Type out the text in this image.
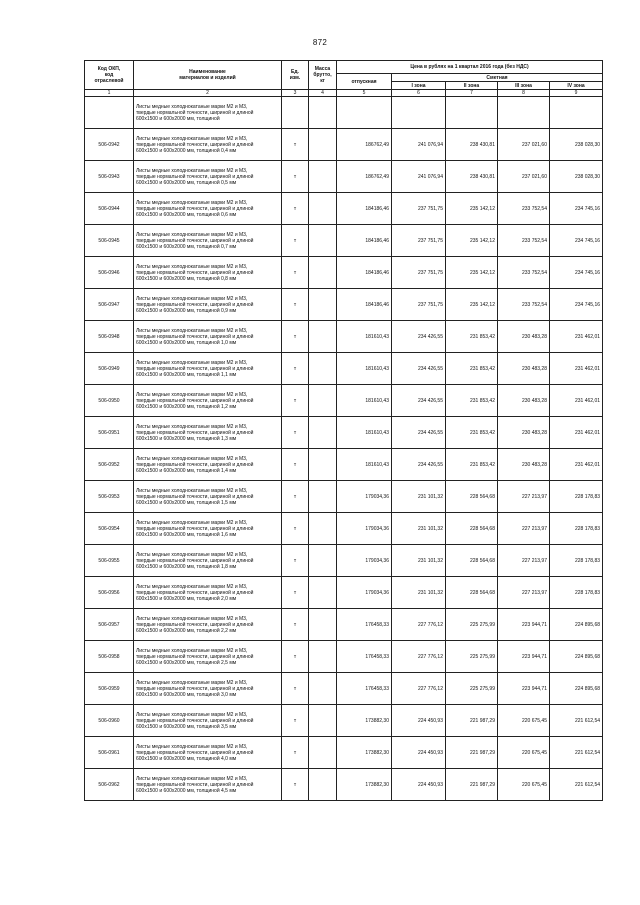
872
Код ОКП,
код
отраслевой	Наименование
материалов и изделий	Ед.
изм.	Масса
брутто,
кг	Цена в рублях на 1 квартал 2016 года (без НДС)				
				отпускная	Сметная			
					I зона	II зона	III зона	IV зона
1	2	3	4	5	6	7	8	9

	Листы медные холоднокатаные марки М2 и М3,
твердые нормальной точности, шириной и длиной
600x1500 и 600x2000 мм, толщиной							

506-0942	Листы медные холоднокатаные марки М2 и М3,
твердые нормальной точности, шириной и длиной
600x1500 и 600x2000 мм, толщиной 0,4 мм	т		186762,49	241 076,94	238 430,81	237 021,60	238 028,30
506-0943	Листы медные холоднокатаные марки М2 и М3,
твердые нормальной точности, шириной и длиной
600x1500 и 600x2000 мм, толщиной 0,5 мм	т		186762,49	241 076,94	238 430,81	237 021,60	238 028,30
506-0944	Листы медные холоднокатаные марки М2 и М3,
твердые нормальной точности, шириной и длиной
600x1500 и 600x2000 мм, толщиной 0,6 мм	т		184186,46	237 751,75	235 142,12	233 752,54	234 745,16
506-0945	Листы медные холоднокатаные марки М2 и М3,
твердые нормальной точности, шириной и длиной
600x1500 и 600x2000 мм, толщиной 0,7 мм	т		184186,46	237 751,75	235 142,12	233 752,54	234 745,16
506-0946	Листы медные холоднокатаные марки М2 и М3,
твердые нормальной точности, шириной и длиной
600x1500 и 600x2000 мм, толщиной 0,8 мм	т		184186,46	237 751,75	235 142,12	233 752,54	234 745,16
506-0947	Листы медные холоднокатаные марки М2 и М3,
твердые нормальной точности, шириной и длиной
600x1500 и 600x2000 мм, толщиной 0,9 мм	т		184186,46	237 751,75	235 142,12	233 752,54	234 745,16
506-0948	Листы медные холоднокатаные марки М2 и М3,
твердые нормальной точности, шириной и длиной
600x1500 и 600x2000 мм, толщиной 1,0 мм	т		181610,43	234 426,55	231 853,42	230 483,28	231 462,01
506-0949	Листы медные холоднокатаные марки М2 и М3,
твердые нормальной точности, шириной и длиной
600x1500 и 600x2000 мм, толщиной 1,1 мм	т		181610,43	234 426,55	231 853,42	230 483,28	231 462,01
506-0950	Листы медные холоднокатаные марки М2 и М3,
твердые нормальной точности, шириной и длиной
600x1500 и 600x2000 мм, толщиной 1,2 мм	т		181610,43	234 426,55	231 853,42	230 483,28	231 462,01
506-0951	Листы медные холоднокатаные марки М2 и М3,
твердые нормальной точности, шириной и длиной
600x1500 и 600x2000 мм, толщиной 1,3 мм	т		181610,43	234 426,55	231 853,42	230 483,28	231 462,01
506-0952	Листы медные холоднокатаные марки М2 и М3,
твердые нормальной точности, шириной и длиной
600x1500 и 600x2000 мм, толщиной 1,4 мм	т		181610,43	234 426,55	231 853,42	230 483,28	231 462,01
506-0953	Листы медные холоднокатаные марки М2 и М3,
твердые нормальной точности, шириной и длиной
600x1500 и 600x2000 мм, толщиной 1,5 мм	т		179034,36	231 101,32	228 564,68	227 213,97	228 178,83
506-0954	Листы медные холоднокатаные марки М2 и М3,
твердые нормальной точности, шириной и длиной
600x1500 и 600x2000 мм, толщиной 1,6 мм	т		179034,36	231 101,32	228 564,68	227 213,97	228 178,83
506-0955	Листы медные холоднокатаные марки М2 и М3,
твердые нормальной точности, шириной и длиной
600x1500 и 600x2000 мм, толщиной 1,8 мм	т		179034,36	231 101,32	228 564,68	227 213,97	228 178,83
506-0956	Листы медные холоднокатаные марки М2 и М3,
твердые нормальной точности, шириной и длиной
600x1500 и 600x2000 мм, толщиной 2,0 мм	т		179034,36	231 101,32	228 564,68	227 213,97	228 178,83
506-0957	Листы медные холоднокатаные марки М2 и М3,
твердые нормальной точности, шириной и длиной
600x1500 и 600x2000 мм, толщиной 2,2 мм	т		176458,33	227 776,12	225 275,99	223 944,71	224 895,68
506-0958	Листы медные холоднокатаные марки М2 и М3,
твердые нормальной точности, шириной и длиной
600x1500 и 600x2000 мм, толщиной 2,5 мм	т		176458,33	227 776,12	225 275,99	223 944,71	224 895,68
506-0959	Листы медные холоднокатаные марки М2 и М3,
твердые нормальной точности, шириной и длиной
600x1500 и 600x2000 мм, толщиной 3,0 мм	т		176458,33	227 776,12	225 275,99	223 944,71	224 895,68
506-0960	Листы медные холоднокатаные марки М2 и М3,
твердые нормальной точности, шириной и длиной
600x1500 и 600x2000 мм, толщиной 3,5 мм	т		173882,30	224 450,93	221 987,29	220 675,45	221 612,54
506-0961	Листы медные холоднокатаные марки М2 и М3,
твердые нормальной точности, шириной и длиной
600x1500 и 600x2000 мм, толщиной 4,0 мм	т		173882,30	224 450,93	221 987,29	220 675,45	221 612,54
506-0962	Листы медные холоднокатаные марки М2 и М3,
твердые нормальной точности, шириной и длиной
600x1500 и 600x2000 мм, толщиной 4,5 мм	т		173882,30	224 450,93	221 987,29	220 675,45	221 612,54
